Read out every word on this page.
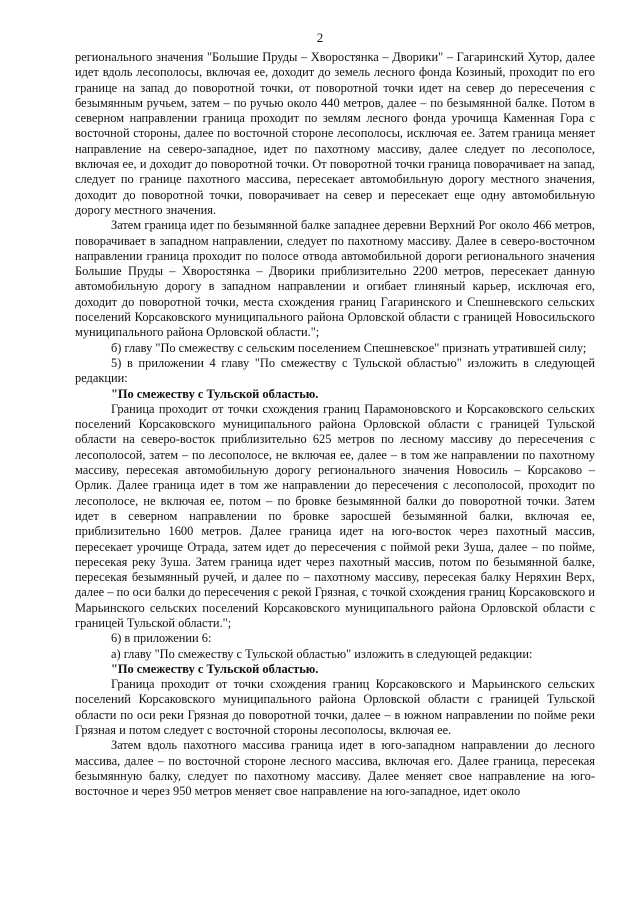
2

регионального значения "Большие Пруды – Хворостянка – Дворики" – Гагаринский Хутор, далее идет вдоль лесополосы, включая ее, доходит до земель лесного фонда Козиный, проходит по его границе на запад до поворотной точки, от поворотной точки идет на север до пересечения с безымянным ручьем, затем – по ручью около 440 метров, далее – по безымянной балке. Потом в северном направлении граница проходит по землям лесного фонда урочища Каменная Гора с восточной стороны, далее по восточной стороне лесополосы, исключая ее. Затем граница меняет направление на северо-западное, идет по пахотному массиву, далее следует по лесополосе, включая ее, и доходит до поворотной точки. От поворотной точки граница поворачивает на запад, следует по границе пахотного массива, пересекает автомобильную дорогу местного значения, доходит до поворотной точки, поворачивает на север и пересекает еще одну автомобильную дорогу местного значения.

Затем граница идет по безымянной балке западнее деревни Верхний Рог около 466 метров, поворачивает в западном направлении, следует по пахотному массиву. Далее в северо-восточном направлении граница проходит по полосе отвода автомобильной дороги регионального значения Большие Пруды – Хворостянка – Дворики приблизительно 2200 метров, пересекает данную автомобильную дорогу в западном направлении и огибает глиняный карьер, исключая его, доходит до поворотной точки, места схождения границ Гагаринского и Спешневского сельских поселений Корсаковского муниципального района Орловской области с границей Новосильского муниципального района Орловской области.";

б) главу "По смежеству с сельским поселением Спешневское" признать утратившей силу;

5) в приложении 4 главу "По смежеству с Тульской областью" изложить в следующей редакции:

"По смежеству с Тульской областью.

Граница проходит от точки схождения границ Парамоновского и Корсаковского сельских поселений Корсаковского муниципального района Орловской области с границей Тульской области на северо-восток приблизительно 625 метров по лесному массиву до пересечения с лесополосой, затем – по лесополосе, не включая ее, далее – в том же направлении по пахотному массиву, пересекая автомобильную дорогу регионального значения Новосиль – Корсаково – Орлик. Далее граница идет в том же направлении до пересечения с лесополосой, проходит по лесополосе, не включая ее, потом – по бровке безымянной балки до поворотной точки. Затем идет в северном направлении по бровке заросшей безымянной балки, включая ее, приблизительно 1600 метров. Далее граница идет на юго-восток через пахотный массив, пересекает урочище Отрада, затем идет до пересечения с поймой реки Зуша, далее – по пойме, пересекая реку Зуша. Затем граница идет через пахотный массив, потом по безымянной балке, пересекая безымянный ручей, и далее по – пахотному массиву, пересекая балку Неряхин Верх, далее – по оси балки до пересечения с рекой Грязная, с точкой схождения границ Корсаковского и Марьинского сельских поселений Корсаковского муниципального района Орловской области с границей Тульской области.";

6) в приложении 6:

а) главу "По смежеству с Тульской областью" изложить в следующей редакции:

"По смежеству с Тульской областью.

Граница проходит от точки схождения границ Корсаковского и Марьинского сельских поселений Корсаковского муниципального района Орловской области с границей Тульской области по оси реки Грязная до поворотной точки, далее – в южном направлении по пойме реки Грязная и потом следует с восточной стороны лесополосы, включая ее.

Затем вдоль пахотного массива граница идет в юго-западном направлении до лесного массива, далее – по восточной стороне лесного массива, включая его. Далее граница, пересекая безымянную балку, следует по пахотному массиву. Далее меняет свое направление на юго-восточное и через 950 метров меняет свое направление на юго-западное, идет около
